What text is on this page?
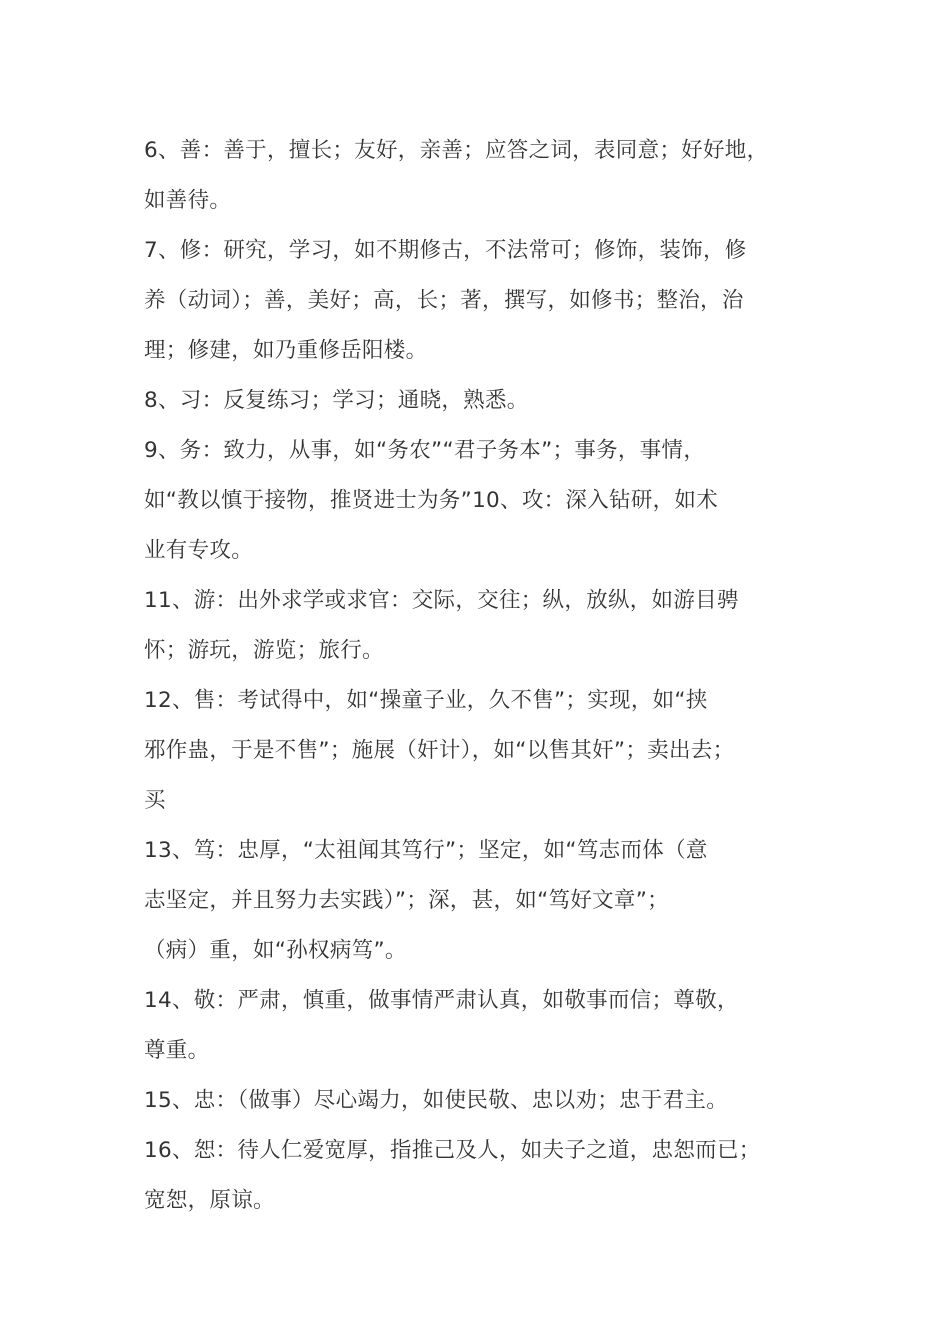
6、善：善于，擅长；友好，亲善；应答之词，表同意；好好地，
如善待。
7、修：研究，学习，如不期修古，不法常可；修饰，装饰，修
养（动词）；善，美好；高，长；著，撰写，如修书；整治，治
理；修建，如乃重修岳阳楼。
8、习：反复练习；学习；通晓，熟悉。
9、务：致力，从事，如“务农”“君子务本”；事务，事情，
如“教以慎于接物，推贤进士为务”10、攻：深入钻研，如术
业有专攻。
11、游：出外求学或求官：交际，交往；纵，放纵，如游目骋
怀；游玩，游览；旅行。
12、售：考试得中，如“操童子业，久不售”；实现，如“挟
邪作蛊，于是不售”；施展（奸计），如“以售其奸”；卖出去；
买
13、笃：忠厚，“太祖闻其笃行”；坚定，如“笃志而体（意
志坚定，并且努力去实践）”；深，甚，如“笃好文章”；
（病）重，如“孙权病笃”。
14、敬：严肃，慎重，做事情严肃认真，如敬事而信；尊敬，
尊重。
15、忠：（做事）尽心竭力，如使民敬、忠以劝；忠于君主。
16、恕：待人仁爱宽厚，指推己及人，如夫子之道，忠恕而已；
宽恕，原谅。
